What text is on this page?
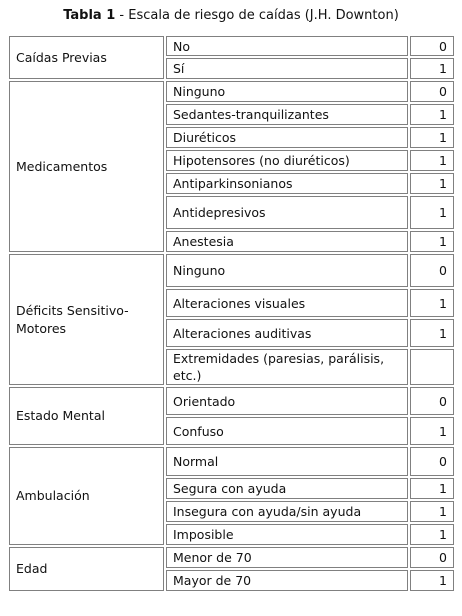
Tabla 1 - Escala de riesgo de caídas (J.H. Downton)
Caídas Previas	No	0
	Sí	1
Medicamentos	Ninguno	0
	Sedantes-tranquilizantes	1
	Diuréticos	1
	Hipotensores (no diuréticos)	1
	Antiparkinsonianos	1
	Antidepresivos	1
	Anestesia	1
Déficits Sensitivo-Motores	Ninguno	0
	Alteraciones visuales	1
	Alteraciones auditivas	1
	Extremidades (paresias, parálisis, etc.)	
Estado Mental	Orientado	0
	Confuso	1
Ambulación	Normal	0
	Segura con ayuda	1
	Insegura con ayuda/sin ayuda	1
	Imposible	1
Edad	Menor de 70	0
	Mayor de 70	1
